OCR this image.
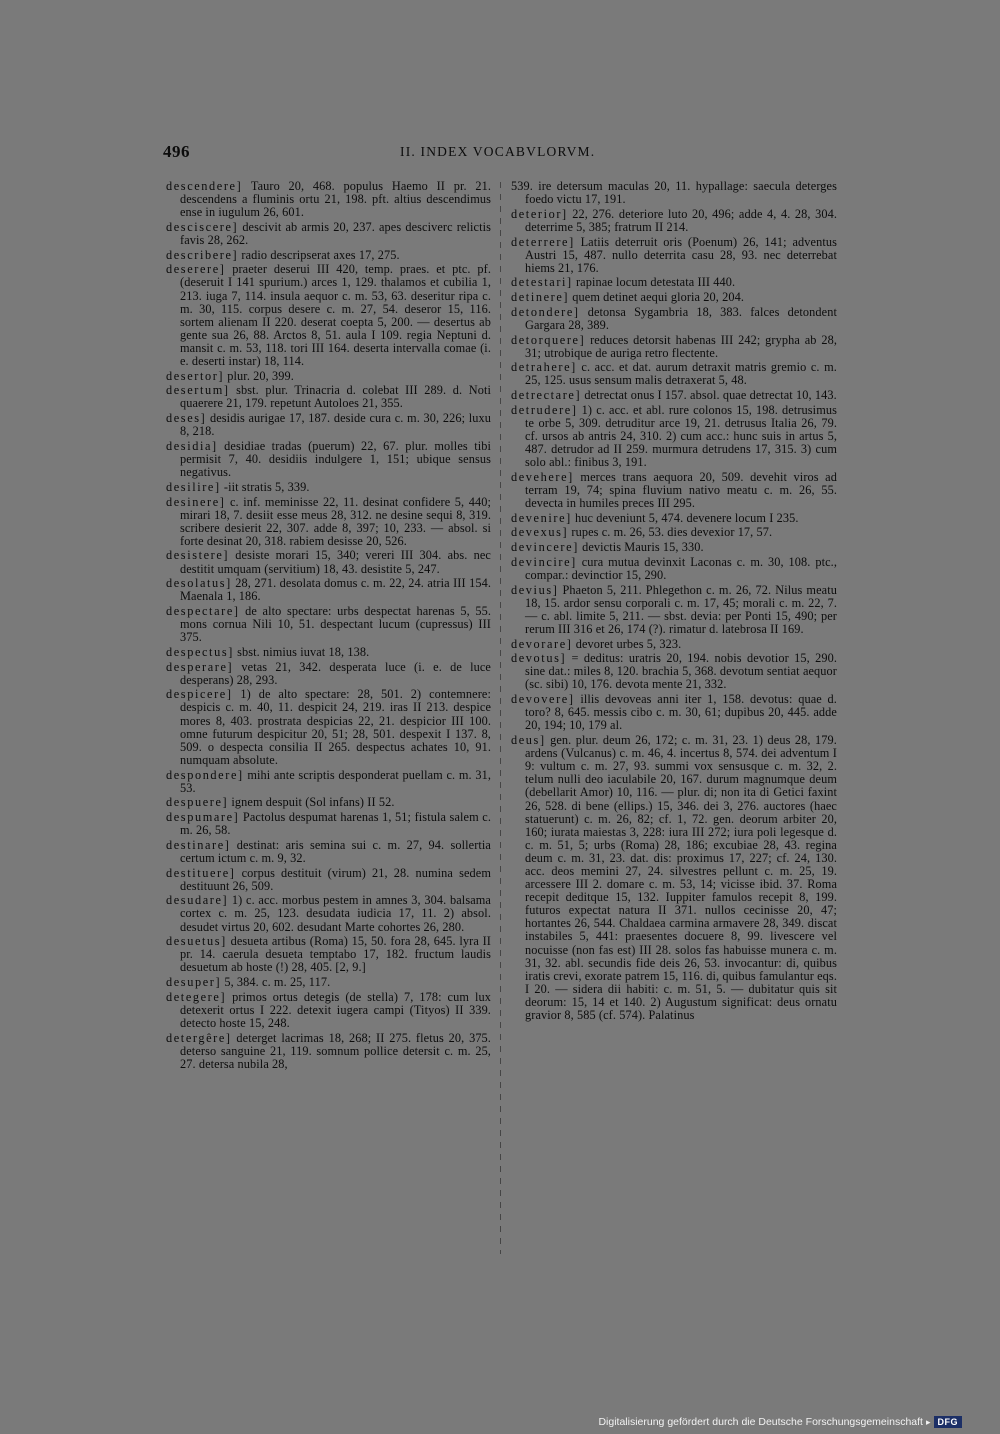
496	II. INDEX VOCABVLORVM.

descendere] Tauro 20, 468. populus Haemo II pr. 21. descendens a fluminis ortu 21, 198. pft. altius descendimus ense in iugulum 26, 601.

desciscere] descivit ab armis 20, 237. apes desciverc relictis favis 28, 262.

describere] radio descripserat axes 17, 275.

deserere] praeter deserui III 420, temp. praes. et ptc. pf. (deseruit I 141 spurium.) arces 1, 129. thalamos et cubilia 1, 213. iuga 7, 114. insula aequor c. m. 53, 63. deseritur ripa c. m. 30, 115. corpus desere c. m. 27, 54. deseror 15, 116. sortem alienam II 220. deserat coepta 5, 200. — desertus ab gente sua 26, 88. Arctos 8, 51. aula I 109. regia Neptuni d. mansit c. m. 53, 118. tori III 164. deserta intervalla comae (i. e. deserti instar) 18, 114.

desertor] plur. 20, 399.

desertum] sbst. plur. Trinacria d. colebat III 289. d. Noti quaerere 21, 179. repetunt Autoloes 21, 355.

deses] desidis aurigae 17, 187. deside cura c. m. 30, 226; luxu 8, 218.

desidia] desidiae tradas (puerum) 22, 67. plur. molles tibi permisit 7, 40. desidiis indulgere 1, 151; ubique sensus negativus.

desilire] -iit stratis 5, 339.

desinere] c. inf. meminisse 22, 11. desinat confidere 5, 440; mirari 18, 7. desiit esse meus 28, 312. ne desine sequi 8, 319. scribere desierit 22, 307. adde 8, 397; 10, 233. — absol. si forte desinat 20, 318. rabiem desisse 20, 526.

desistere] desiste morari 15, 340; vereri III 304. abs. nec destitit umquam (servitium) 18, 43. desistite 5, 247.

desolatus] 28, 271. desolata domus c. m. 22, 24. atria III 154. Maenala 1, 186.

despectare] de alto spectare: urbs despectat harenas 5, 55. mons cornua Nili 10, 51. despectant lucum (cupressus) III 375.

despectus] sbst. nimius iuvat 18, 138.

desperare] vetas 21, 342. desperata luce (i. e. de luce desperans) 28, 293.

despicere] 1) de alto spectare: 28, 501. 2) contemnere: despicis c. m. 40, 11. despicit 24, 219. iras II 213. despice mores 8, 403. prostrata despicias 22, 21. despicior III 100. omne futurum despicitur 20, 51; 28, 501. despexit I 137. 8, 509. o despecta consilia II 265. despectus achates 10, 91. numquam absolute.

despondere] mihi ante scriptis desponderat puellam c. m. 31, 53.

despuere] ignem despuit (Sol infans) II 52.

despumare] Pactolus despumat harenas 1, 51; fistula salem c. m. 26, 58.

destinare] destinat: aris semina sui c. m. 27, 94. sollertia certum ictum c. m. 9, 32.

destituere] corpus destituit (virum) 21, 28. numina sedem destituunt 26, 509.

desudare] 1) c. acc. morbus pestem in amnes 3, 304. balsama cortex c. m. 25, 123. desudata iudicia 17, 11. 2) absol. desudet virtus 20, 602. desudant Marte cohortes 26, 280.

desuetus] desueta artibus (Roma) 15, 50. fora 28, 645. lyra II pr. 14. caerula desueta temptabo 17, 182. fructum laudis desuetum ab hoste (!) 28, 405. [2, 9.]

desuper] 5, 384. c. m. 25, 117.

detegere] primos ortus detegis (de stella) 7, 178: cum lux detexerit ortus I 222. detexit iugera campi (Tityos) II 339. detecto hoste 15, 248.

detergêre] deterget lacrimas 18, 268; II 275. fletus 20, 375. deterso sanguine 21, 119. somnum pollice detersit c. m. 25, 27. detersa nubila 28,

539. ire detersum maculas 20, 11. hypallage: saecula deterges foedo victu 17, 191.

deterior] 22, 276. deteriore luto 20, 496; adde 4, 4. 28, 304. deterrime 5, 385; fratrum II 214.

deterrere] Latiis deterruit oris (Poenum) 26, 141; adventus Austri 15, 487. nullo deterrita casu 28, 93. nec deterrebat hiems 21, 176.

detestari] rapinae locum detestata III 440.

detinere] quem detinet aequi gloria 20, 204.

detondere] detonsa Sygambria 18, 383. falces detondent Gargara 28, 389.

detorquere] reduces detorsit habenas III 242; grypha ab 28, 31; utrobique de auriga retro flectente.

detrahere] c. acc. et dat. aurum detraxit matris gremio c. m. 25, 125. usus sensum malis detraxerat 5, 48.

detrectare] detrectat onus I 157. absol. quae detrectat 10, 143.

detrudere] 1) c. acc. et abl. rure colonos 15, 198. detrusimus te orbe 5, 309. detruditur arce 19, 21. detrusus Italia 26, 79. cf. ursos ab antris 24, 310. 2) cum acc.: hunc suis in artus 5, 487. detrudor ad II 259. murmura detrudens 17, 315. 3) cum solo abl.: finibus 3, 191.

devehere] merces trans aequora 20, 509. devehit viros ad terram 19, 74; spina fluvium nativo meatu c. m. 26, 55. devecta in humiles preces III 295.

devenire] huc deveniunt 5, 474. devenere locum I 235.

devexus] rupes c. m. 26, 53. dies devexior 17, 57.

devincere] devictis Mauris 15, 330.

devincire] cura mutua devinxit Laconas c. m. 30, 108. ptc., compar.: devinctior 15, 290.

devius] Phaeton 5, 211. Phlegethon c. m. 26, 72. Nilus meatu 18, 15. ardor sensu corporali c. m. 17, 45; morali c. m. 22, 7. — c. abl. limite 5, 211. — sbst. devia: per Ponti 15, 490; per rerum III 316 et 26, 174 (?). rimatur d. latebrosa II 169.

devorare] devoret urbes 5, 323.

devotus] = deditus: uratris 20, 194. nobis devotior 15, 290. sine dat.: miles 8, 120. brachia 5, 368. devotum sentiat aequor (sc. sibi) 10, 176. devota mente 21, 332.

devovere] illis devoveas anni iter 1, 158. devotus: quae d. toro? 8, 645. messis cibo c. m. 30, 61; dupibus 20, 445. adde 20, 194; 10, 179 al.

deus] gen. plur. deum 26, 172; c. m. 31, 23. 1) deus 28, 179. ardens (Vulcanus) c. m. 46, 4. incertus 8, 574. dei adventum I 9: vultum c. m. 27, 93. summi vox sensusque c. m. 32, 2. telum nulli deo iaculabile 20, 167. durum magnumque deum (debellarit Amor) 10, 116. — plur. di; non ita di Getici faxint 26, 528. di bene (ellips.) 15, 346. dei 3, 276. auctores (haec statuerunt) c. m. 26, 82; cf. 1, 72. gen. deorum arbiter 20, 160; iurata maiestas 3, 228: iura III 272; iura poli legesque d. c. m. 51, 5; urbs (Roma) 28, 186; excubiae 28, 43. regina deum c. m. 31, 23. dat. dis: proximus 17, 227; cf. 24, 130. acc. deos memini 27, 24. silvestres pellunt c. m. 25, 19. arcessere III 2. domare c. m. 53, 14; vicisse ibid. 37. Roma recepit deditque 15, 132. Iuppiter famulos recepit 8, 199. futuros expectat natura II 371. nullos cecinisse 20, 47; hortantes 26, 544. Chaldaea carmina armavere 28, 349. discat instabiles 5, 441: praesentes docuere 8, 99. livescere vel nocuisse (non fas est) III 28. solos fas habuisse munera c. m. 31, 32. abl. secundis fide deis 26, 53. invocantur: di, quibus iratis crevi, exorate patrem 15, 116. di, quibus famulantur eqs. I 20. — sidera dii habiti: c. m. 51, 5. — dubitatur quis sit deorum: 15, 14 et 140. 2) Augustum significat: deus ornatu gravior 8, 585 (cf. 574). Palatinus

Digitalisierung gefördert durch die Deutsche Forschungsgemeinschaft ▸ DFG
